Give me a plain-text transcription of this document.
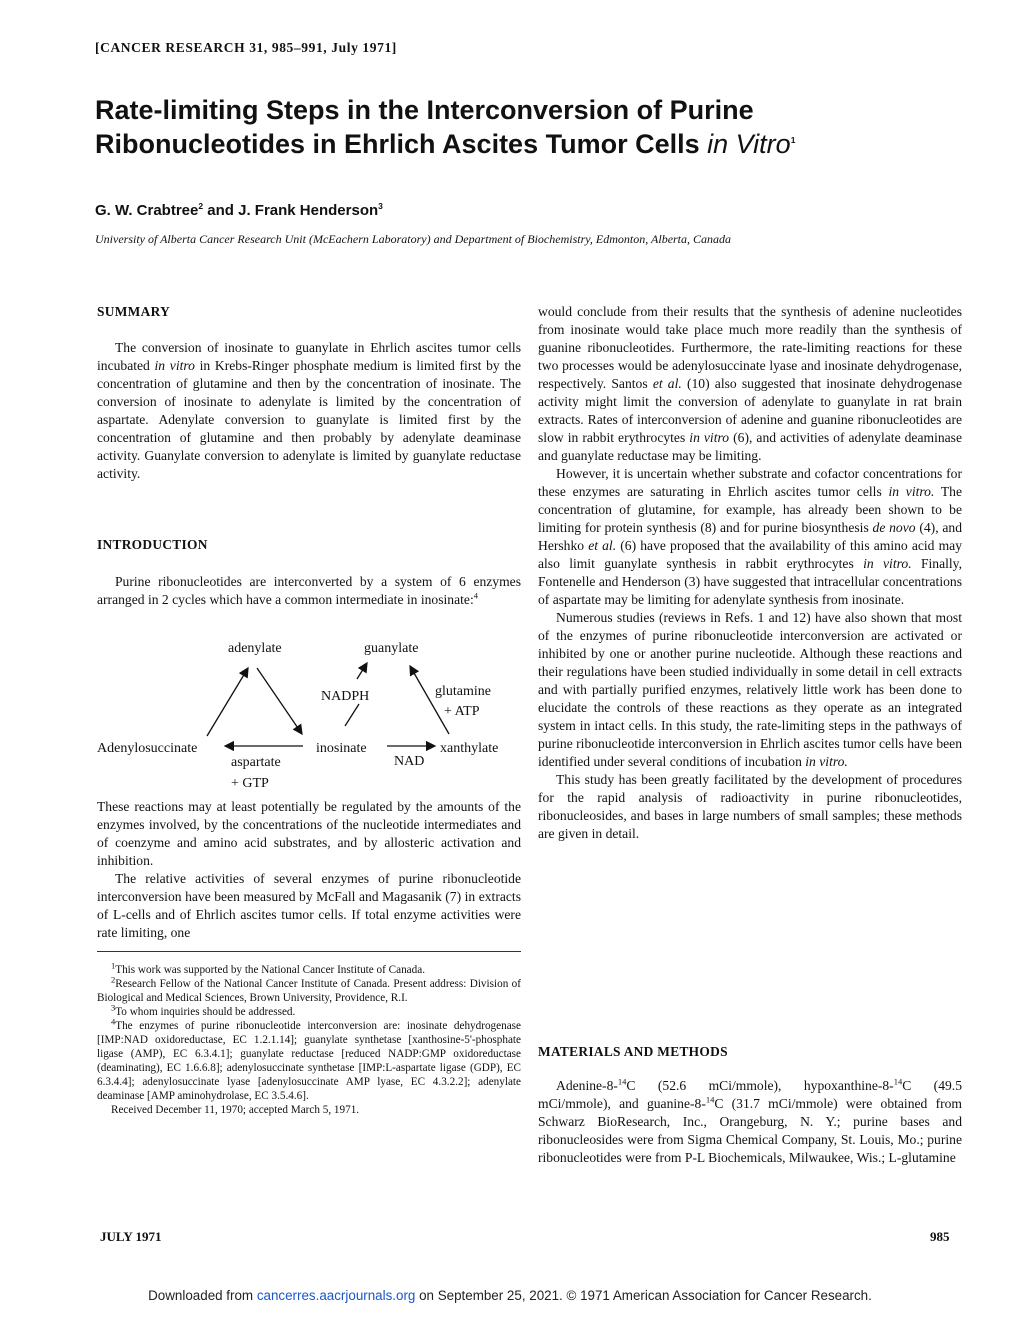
[CANCER RESEARCH 31, 985–991, July 1971]
Rate-limiting Steps in the Interconversion of Purine Ribonucleotides in Ehrlich Ascites Tumor Cells in Vitro$^1$
G. W. Crabtree$^2$ and J. Frank Henderson$^3$
University of Alberta Cancer Research Unit (McEachern Laboratory) and Department of Biochemistry, Edmonton, Alberta, Canada

SUMMARY

The conversion of inosinate to guanylate in Ehrlich ascites tumor cells incubated in vitro in Krebs-Ringer phosphate medium is limited first by the concentration of glutamine and then by the concentration of inosinate. The conversion of inosinate to adenylate is limited by the concentration of aspartate. Adenylate conversion to guanylate is limited first by the concentration of glutamine and then probably by adenylate deaminase activity. Guanylate conversion to adenylate is limited by guanylate reductase activity.

INTRODUCTION

Purine ribonucleotides are interconverted by a system of 6 enzymes arranged in 2 cycles which have a common intermediate in inosinate:$^4$

adenylate	guanylate
NADPH	glutamine
+ ATP
Adenylosuccinate	inosinate	xanthylate
aspartate
+ GTP
NAD

These reactions may at least potentially be regulated by the amounts of the enzymes involved, by the concentrations of the nucleotide intermediates and of coenzyme and amino acid substrates, and by allosteric activation and inhibition.

The relative activities of several enzymes of purine ribonucleotide interconversion have been measured by McFall and Magasanik (7) in extracts of L-cells and of Ehrlich ascites tumor cells. If total enzyme activities were rate limiting, one

$^1$This work was supported by the National Cancer Institute of Canada.

$^2$Research Fellow of the National Cancer Institute of Canada. Present address: Division of Biological and Medical Sciences, Brown University, Providence, R.I.

$^3$To whom inquiries should be addressed.

$^4$The enzymes of purine ribonucleotide interconversion are: inosinate dehydrogenase [IMP:NAD oxidoreductase, EC 1.2.1.14]; guanylate synthetase [xanthosine-5'-phosphate ligase (AMP), EC 6.3.4.1]; guanylate reductase [reduced NADP:GMP oxidoreductase (deaminating), EC 1.6.6.8]; adenylosuccinate synthetase [IMP:L-aspartate ligase (GDP), EC 6.3.4.4]; adenylosuccinate lyase [adenylosuccinate AMP lyase, EC 4.3.2.2]; adenylate deaminase [AMP aminohydrolase, EC 3.5.4.6].

Received December 11, 1970; accepted March 5, 1971.

would conclude from their results that the synthesis of adenine nucleotides from inosinate would take place much more readily than the synthesis of guanine ribonucleotides. Furthermore, the rate-limiting reactions for these two processes would be adenylosuccinate lyase and inosinate dehydrogenase, respectively. Santos et al. (10) also suggested that inosinate dehydrogenase activity might limit the conversion of adenylate to guanylate in rat brain extracts. Rates of interconversion of adenine and guanine ribonucleotides are slow in rabbit erythrocytes in vitro (6), and activities of adenylate deaminase and guanylate reductase may be limiting.

However, it is uncertain whether substrate and cofactor concentrations for these enzymes are saturating in Ehrlich ascites tumor cells in vitro. The concentration of glutamine, for example, has already been shown to be limiting for protein synthesis (8) and for purine biosynthesis de novo (4), and Hershko et al. (6) have proposed that the availability of this amino acid may also limit guanylate synthesis in rabbit erythrocytes in vitro. Finally, Fontenelle and Henderson (3) have suggested that intracellular concentrations of aspartate may be limiting for adenylate synthesis from inosinate.

Numerous studies (reviews in Refs. 1 and 12) have also shown that most of the enzymes of purine ribonucleotide interconversion are activated or inhibited by one or another purine nucleotide. Although these reactions and their regulations have been studied individually in some detail in cell extracts and with partially purified enzymes, relatively little work has been done to elucidate the controls of these reactions as they operate as an integrated system in intact cells. In this study, the rate-limiting steps in the pathways of purine ribonucleotide interconversion in Ehrlich ascites tumor cells have been identified under several conditions of incubation in vitro.

This study has been greatly facilitated by the development of procedures for the rapid analysis of radioactivity in purine ribonucleotides, ribonucleosides, and bases in large numbers of small samples; these methods are given in detail.

MATERIALS AND METHODS

Adenine-8-$^{14}$C (52.6 mCi/mmole), hypoxanthine-8-$^{14}$C (49.5 mCi/mmole), and guanine-8-$^{14}$C (31.7 mCi/mmole) were obtained from Schwarz BioResearch, Inc., Orangeburg, N. Y.; purine bases and ribonucleosides were from Sigma Chemical Company, St. Louis, Mo.; purine ribonucleotides were from P-L Biochemicals, Milwaukee, Wis.; L-glutamine

JULY 1971	985
Downloaded from cancerres.aacrjournals.org on September 25, 2021. © 1971 American Association for Cancer Research.
